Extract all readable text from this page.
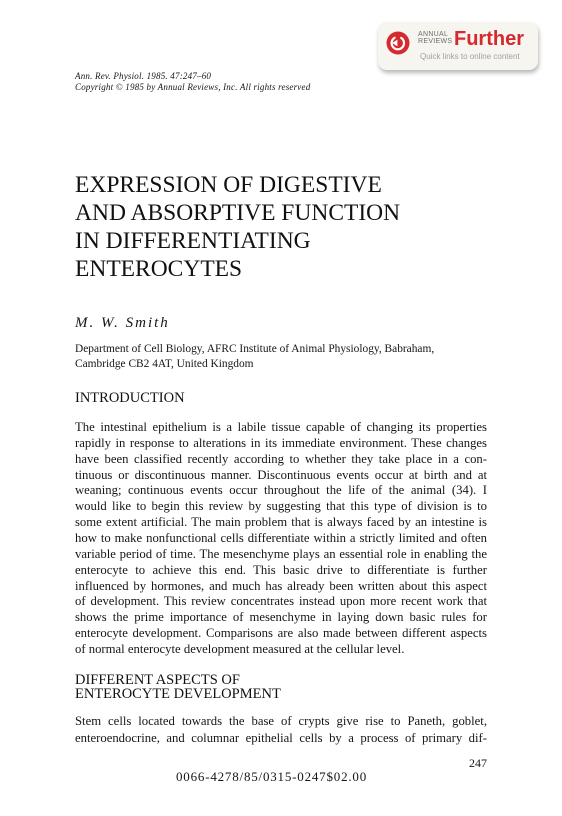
ANNUAL
REVIEWS Further
Quick links to online content
Ann. Rev. Physiol. 1985. 47:247–60
Copyright © 1985 by Annual Reviews, Inc. All rights reserved
EXPRESSION OF DIGESTIVE
AND ABSORPTIVE FUNCTION
IN DIFFERENTIATING
ENTEROCYTES
M. W. Smith
Department of Cell Biology, AFRC Institute of Animal Physiology, Babraham,
Cambridge CB2 4AT, United Kingdom
INTRODUCTION
The intestinal epithelium is a labile tissue capable of changing its properties
rapidly in response to alterations in its immediate environment. These changes
have been classified recently according to whether they take place in a con-
tinuous or discontinuous manner. Discontinuous events occur at birth and at
weaning; continuous events occur throughout the life of the animal (34). I
would like to begin this review by suggesting that this type of division is to
some extent artificial. The main problem that is always faced by an intestine is
how to make nonfunctional cells differentiate within a strictly limited and often
variable period of time. The mesenchyme plays an essential role in enabling the
enterocyte to achieve this end. This basic drive to differentiate is further
influenced by hormones, and much has already been written about this aspect
of development. This review concentrates instead upon more recent work that
shows the prime importance of mesenchyme in laying down basic rules for
enterocyte development. Comparisons are also made between different aspects
of normal enterocyte development measured at the cellular level.
DIFFERENT ASPECTS OF
ENTEROCYTE DEVELOPMENT
Stem cells located towards the base of crypts give rise to Paneth, goblet,
enteroendocrine, and columnar epithelial cells by a process of primary dif-
247
0066-4278/85/0315-0247$02.00
